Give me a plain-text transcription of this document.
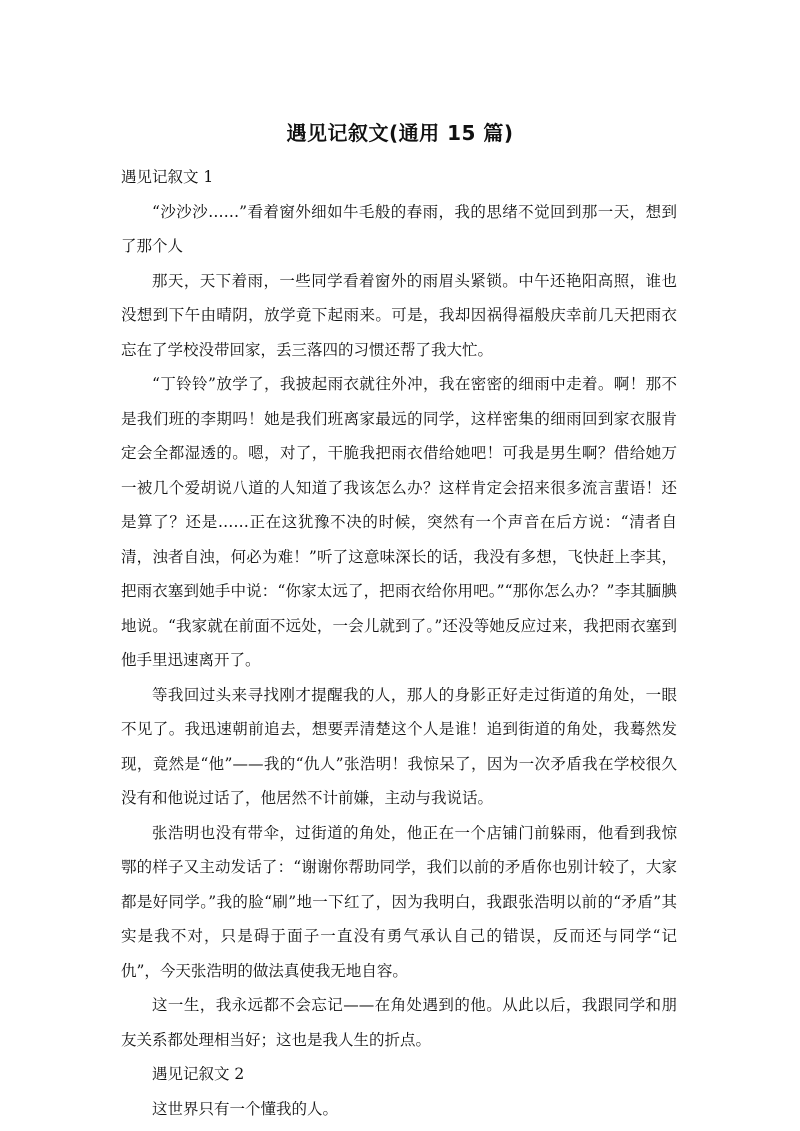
遇见记叙文(通用 15 篇)

遇见记叙文 1

“沙沙沙……”看着窗外细如牛毛般的春雨，我的思绪不觉回到那一天，想到了那个人

那天，天下着雨，一些同学看着窗外的雨眉头紧锁。中午还艳阳高照，谁也没想到下午由晴阴，放学竟下起雨来。可是，我却因祸得福般庆幸前几天把雨衣忘在了学校没带回家，丢三落四的习惯还帮了我大忙。

“丁铃铃”放学了，我披起雨衣就往外冲，我在密密的细雨中走着。啊！那不是我们班的李期吗！她是我们班离家最远的同学，这样密集的细雨回到家衣服肯定会全都湿透的。嗯，对了，干脆我把雨衣借给她吧！可我是男生啊？借给她万一被几个爱胡说八道的人知道了我该怎么办？这样肯定会招来很多流言蜚语！还是算了？还是……正在这犹豫不决的时候，突然有一个声音在后方说：“清者自清，浊者自浊，何必为难！”听了这意味深长的话，我没有多想，飞快赶上李其，把雨衣塞到她手中说：“你家太远了，把雨衣给你用吧。”“那你怎么办？”李其腼腆地说。“我家就在前面不远处，一会儿就到了。”还没等她反应过来，我把雨衣塞到他手里迅速离开了。

等我回过头来寻找刚才提醒我的人，那人的身影正好走过街道的角处，一眼不见了。我迅速朝前追去，想要弄清楚这个人是谁！追到街道的角处，我蓦然发现，竟然是“他”——我的“仇人”张浩明！我惊呆了，因为一次矛盾我在学校很久没有和他说过话了，他居然不计前嫌，主动与我说话。

张浩明也没有带伞，过街道的角处，他正在一个店铺门前躲雨，他看到我惊鄂的样子又主动发话了：“谢谢你帮助同学，我们以前的矛盾你也别计较了，大家都是好同学。”我的脸“刷”地一下红了，因为我明白，我跟张浩明以前的“矛盾”其实是我不对，只是碍于面子一直没有勇气承认自己的错误，反而还与同学“记仇”，今天张浩明的做法真使我无地自容。

这一生，我永远都不会忘记——在角处遇到的他。从此以后，我跟同学和朋友关系都处理相当好；这也是我人生的折点。

遇见记叙文 2

这世界只有一个懂我的人。
